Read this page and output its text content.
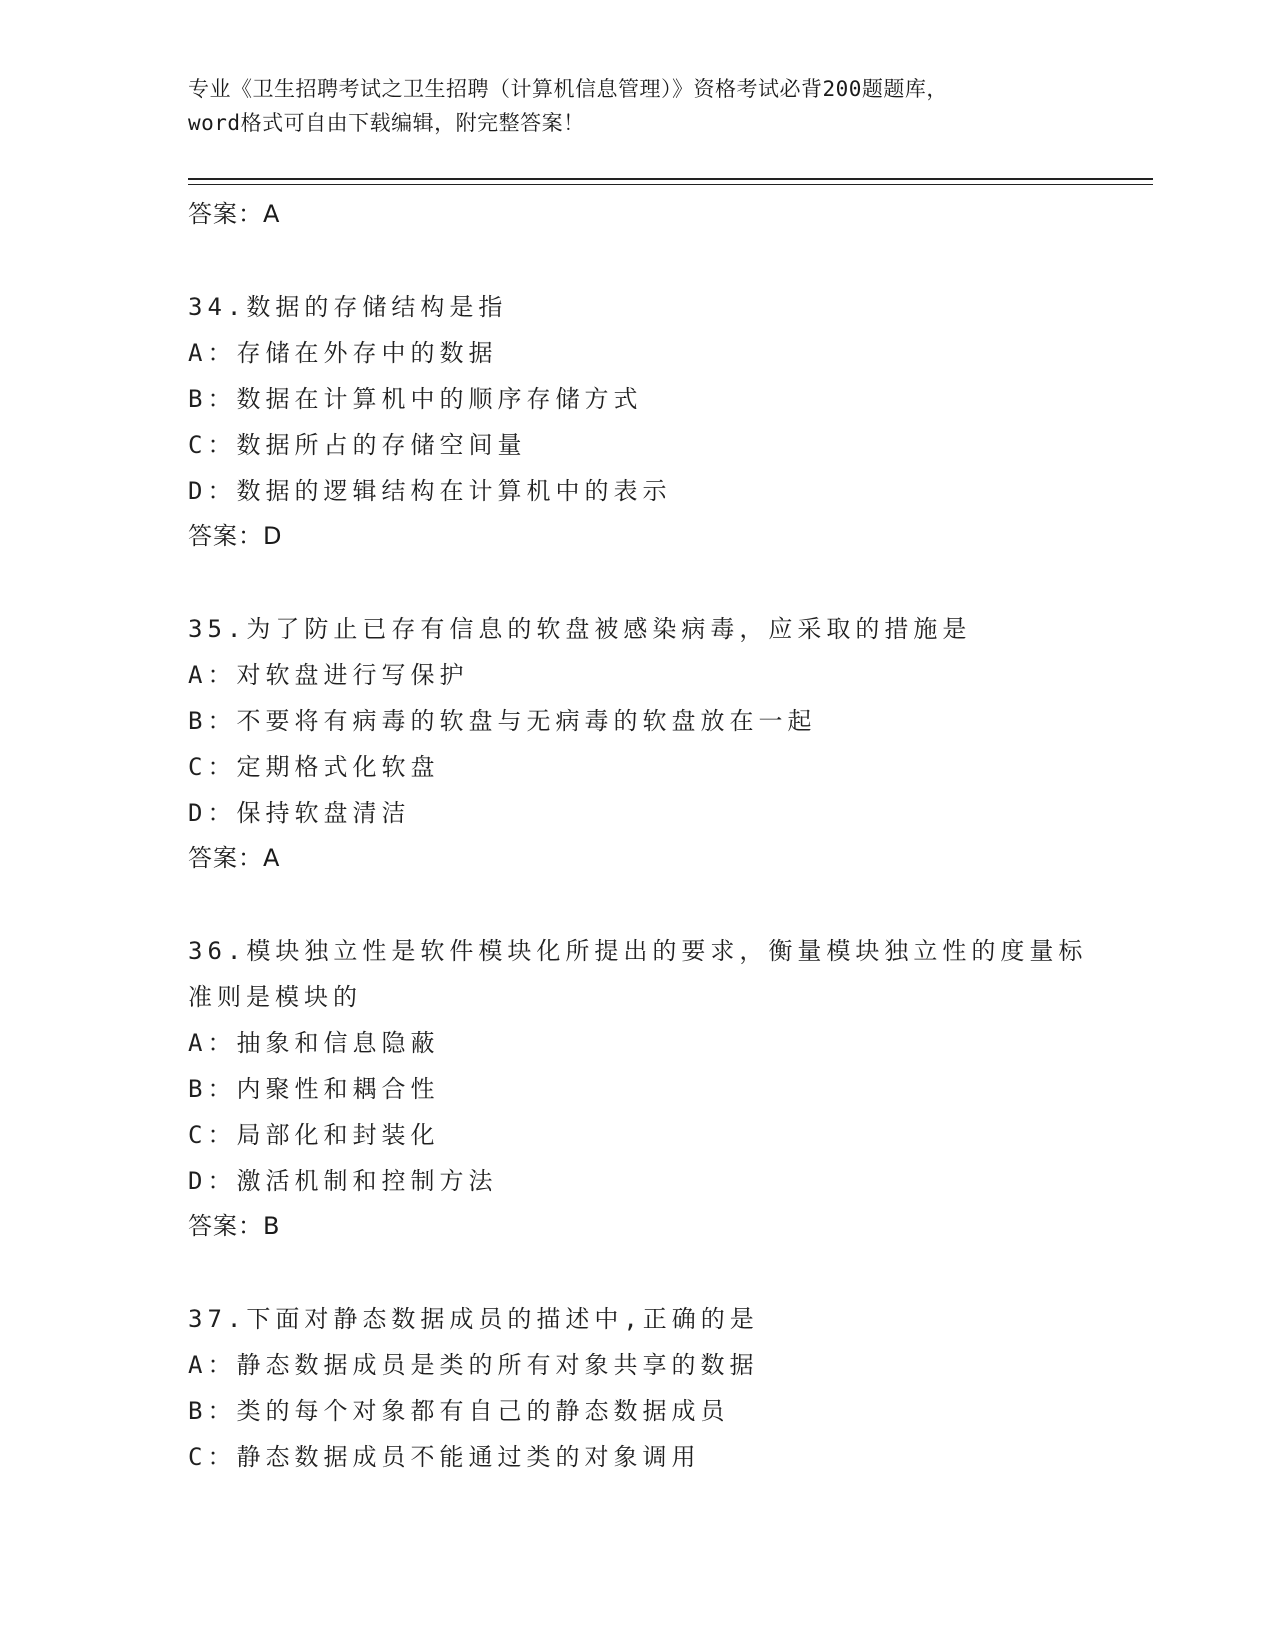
专业《卫生招聘考试之卫生招聘（计算机信息管理）》资格考试必背200题题库，
word格式可自由下载编辑，附完整答案！
答案：A
34.数据的存储结构是指
A：存储在外存中的数据
B：数据在计算机中的顺序存储方式
C：数据所占的存储空间量
D：数据的逻辑结构在计算机中的表示
答案：D
35.为了防止已存有信息的软盘被感染病毒，应采取的措施是
A：对软盘进行写保护
B：不要将有病毒的软盘与无病毒的软盘放在一起
C：定期格式化软盘
D：保持软盘清洁
答案：A
36.模块独立性是软件模块化所提出的要求，衡量模块独立性的度量标
准则是模块的
A：抽象和信息隐蔽
B：内聚性和耦合性
C：局部化和封装化
D：激活机制和控制方法
答案：B
37.下面对静态数据成员的描述中,正确的是
A：静态数据成员是类的所有对象共享的数据
B：类的每个对象都有自己的静态数据成员
C：静态数据成员不能通过类的对象调用
